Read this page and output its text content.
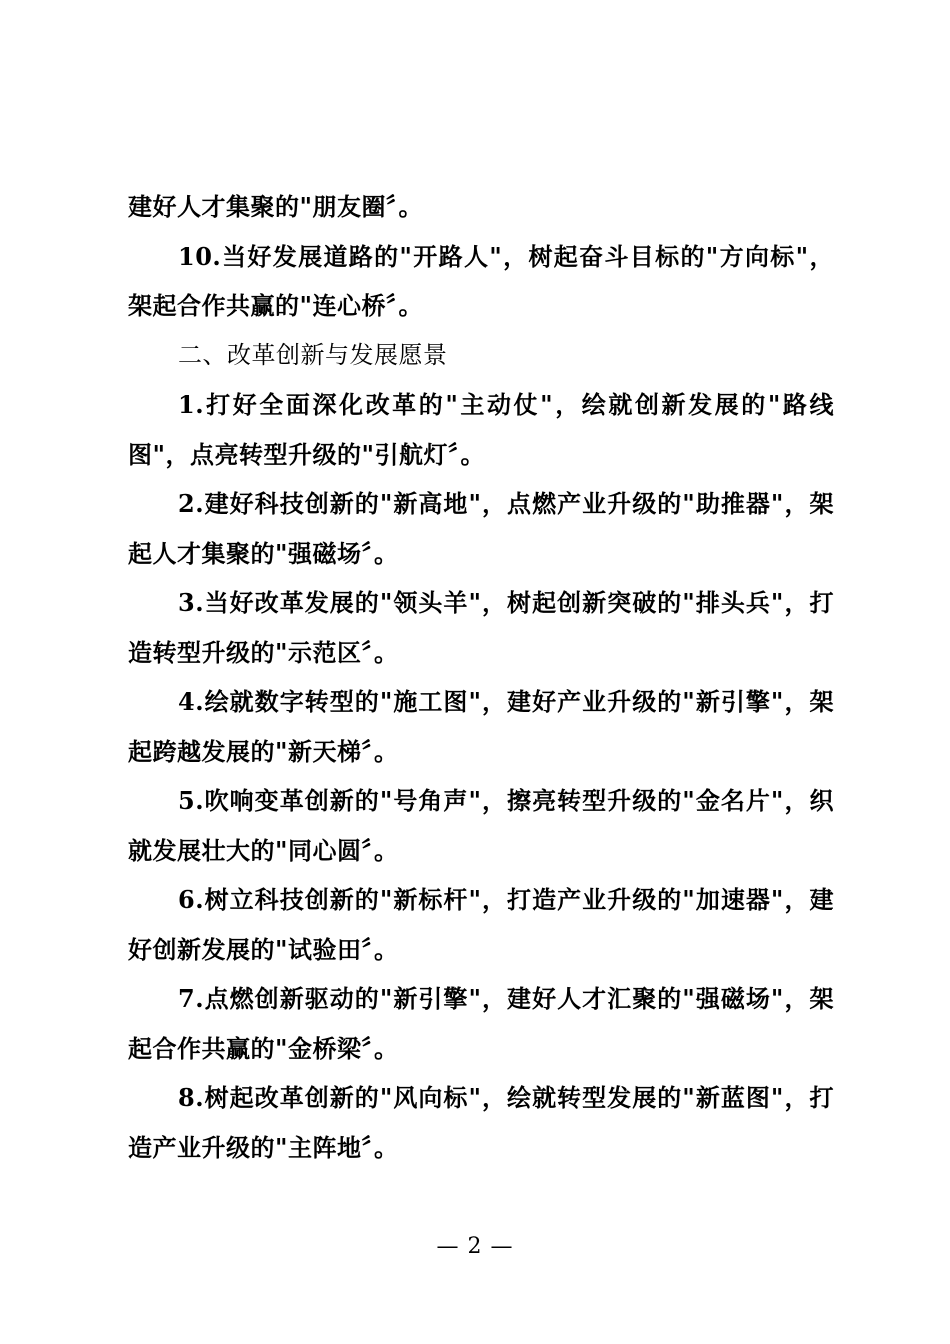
建好人才集聚的"朋友圈〞。

10.当好发展道路的"开路人"，树起奋斗目标的"方向标"，架起合作共赢的"连心桥〞。

二、改革创新与发展愿景

1.打好全面深化改革的"主动仗"，绘就创新发展的"路线图"，点亮转型升级的"引航灯〞。

2.建好科技创新的"新高地"，点燃产业升级的"助推器"，架起人才集聚的"强磁场〞。

3.当好改革发展的"领头羊"，树起创新突破的"排头兵"，打造转型升级的"示范区〞。

4.绘就数字转型的"施工图"，建好产业升级的"新引擎"，架起跨越发展的"新天梯〞。

5.吹响变革创新的"号角声"，擦亮转型升级的"金名片"，织就发展壮大的"同心圆〞。

6.树立科技创新的"新标杆"，打造产业升级的"加速器"，建好创新发展的"试验田〞。

7.点燃创新驱动的"新引擎"，建好人才汇聚的"强磁场"，架起合作共赢的"金桥梁〞。

8.树起改革创新的"风向标"，绘就转型发展的"新蓝图"，打造产业升级的"主阵地〞。

— 2 —
